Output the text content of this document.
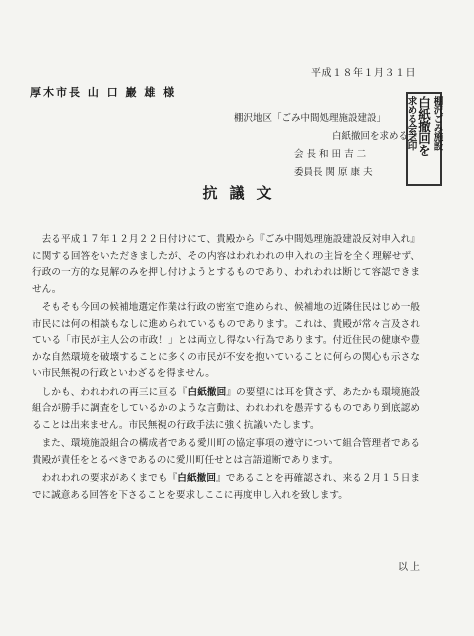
平成１８年１月３１日
厚木市長 山 口 巖 雄 様
棚沢地区「ごみ中間処理施設建設」
白紙撤回を求める会
会 長 和 田 吉 二
委員長 関 原 康 夫
棚沢ごみ施設
白紙撤回を
求める会之印
抗議文

去る平成１７年１２月２２日付けにて、貴殿から『ごみ中間処理施設建設反対申入れ』に関する回答をいただきましたが、その内容はわれわれの申入れの主旨を全く理解せず、行政の一方的な見解のみを押し付けようとするものであり、われわれは断じて容認できません。

そもそも今回の候補地選定作業は行政の密室で進められ、候補地の近隣住民はじめ一般市民には何の相談もなしに進められているものであります。これは、貴殿が常々言及されている「市民が主人公の市政！」とは両立し得ない行為であります。付近住民の健康や豊かな自然環境を破壊することに多くの市民が不安を抱いていることに何らの関心も示さない市民無視の行政といわざるを得ません。

しかも、われわれの再三に亘る『白紙撤回』の要望には耳を貸さず、あたかも環境施設組合が勝手に調査をしているかのような言動は、われわれを愚弄するものであり到底認めることは出来ません。市民無視の行政手法に強く抗議いたします。

また、環境施設組合の構成者である愛川町の協定事項の遵守について組合管理者である貴殿が責任をとるべきであるのに愛川町任せとは言語道断であります。

われわれの要求があくまでも『白紙撤回』であることを再確認され、来る２月１５日までに誠意ある回答を下さることを要求しここに再度申し入れを致します。

以上
